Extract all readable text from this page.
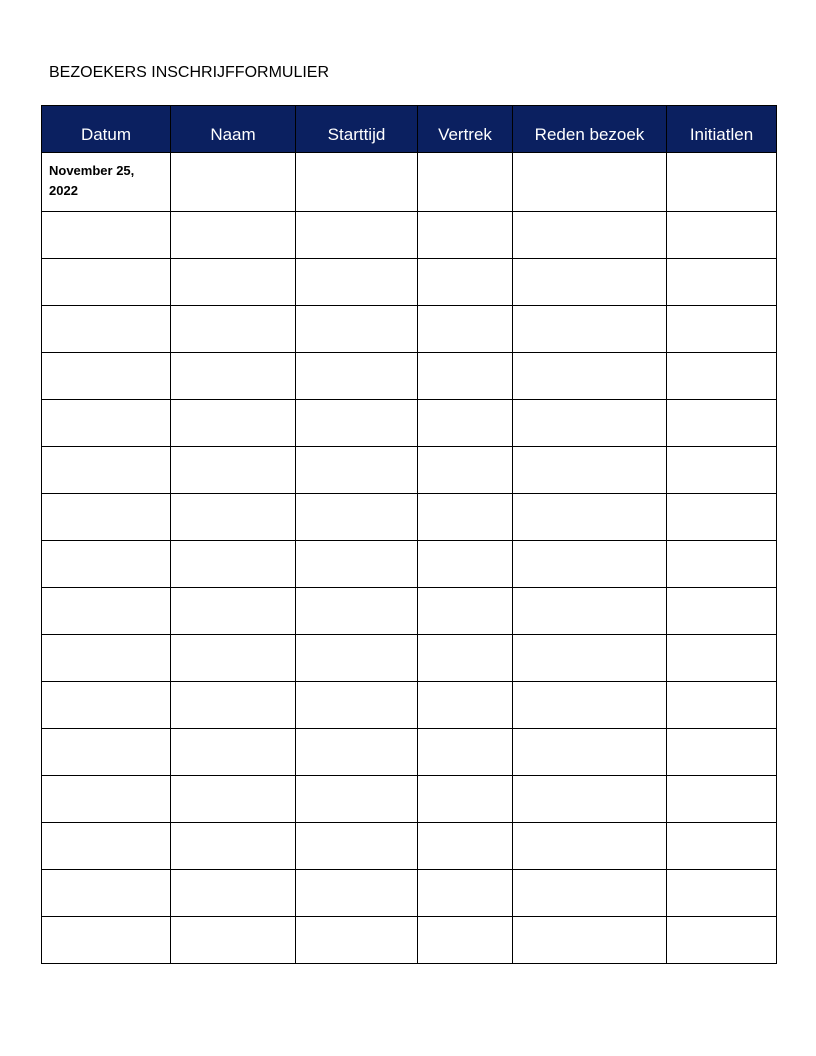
BEZOEKERS INSCHRIJFFORMULIER
Datum	Naam	Starttijd	Vertrek	Reden bezoek	Initiatlen
November 25, 2022					
